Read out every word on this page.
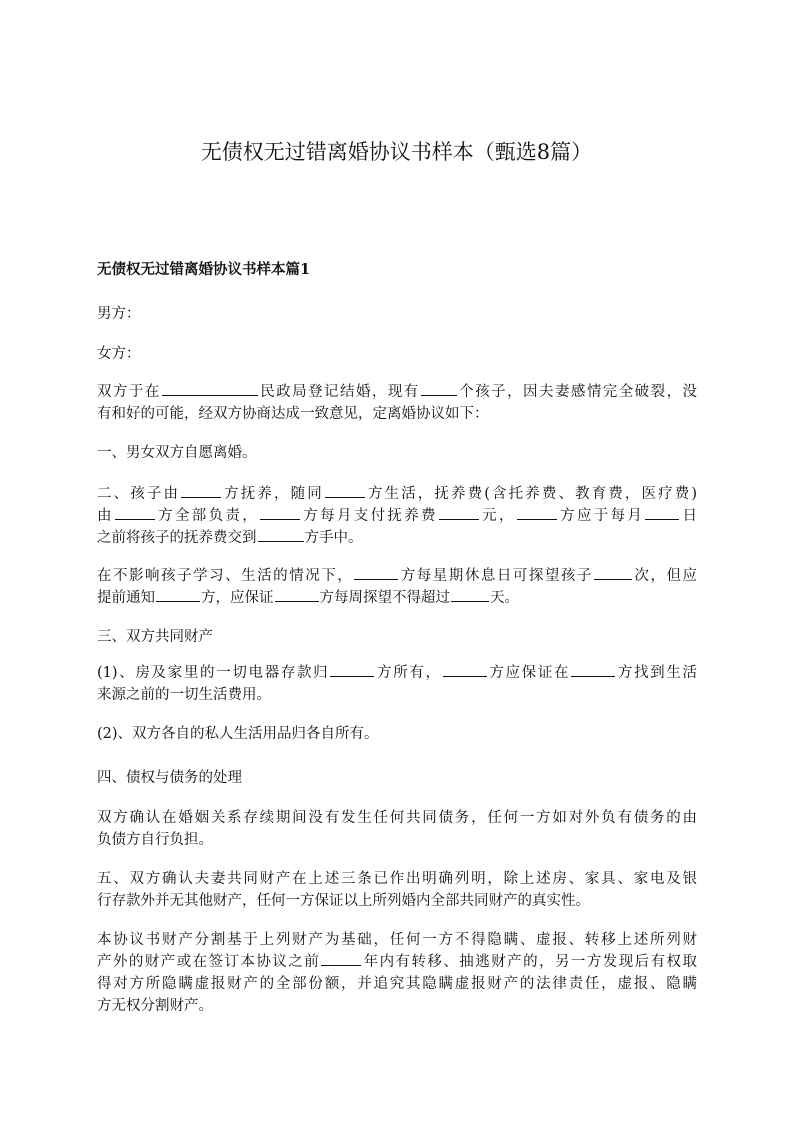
无债权无过错离婚协议书样本（甄选8篇）
无债权无过错离婚协议书样本篇1

男方：

女方：

双方于在	民政局登记结婚，现有	个孩子，因夫妻感情完全破裂，没
有和好的可能，经双方协商达成一致意见，定离婚协议如下：

一、男女双方自愿离婚。

二、孩子由	方抚养，随同	方生活，抚养费(含托养费、教育费，医疗费)
由	方全部负责，	方每月支付抚养费	元，	方应于每月 日
之前将孩子的抚养费交到	方手中。
在不影响孩子学习、生活的情况下，	方每星期休息日可探望孩子	次，但应
提前通知	方，应保证	方每周探望不得超过	天。

三、双方共同财产

(1)、房及家里的一切电器存款归	方所有，	方应保证在	方找到生活
来源之前的一切生活费用。

(2)、双方各自的私人生活用品归各自所有。

四、债权与债务的处理

双方确认在婚姻关系存续期间没有发生任何共同债务，任何一方如对外负有债务的由
负债方自行负担。
五、双方确认夫妻共同财产在上述三条已作出明确列明，除上述房、家具、家电及银
行存款外并无其他财产，任何一方保证以上所列婚内全部共同财产的真实性。
本协议书财产分割基于上列财产为基础，任何一方不得隐瞒、虚报、转移上述所列财
产外的财产或在签订本协议之前	年内有转移、抽逃财产的，另一方发现后有权取
得对方所隐瞒虚报财产的全部份额，并追究其隐瞒虚报财产的法律责任，虚报、隐瞒
方无权分割财产。
